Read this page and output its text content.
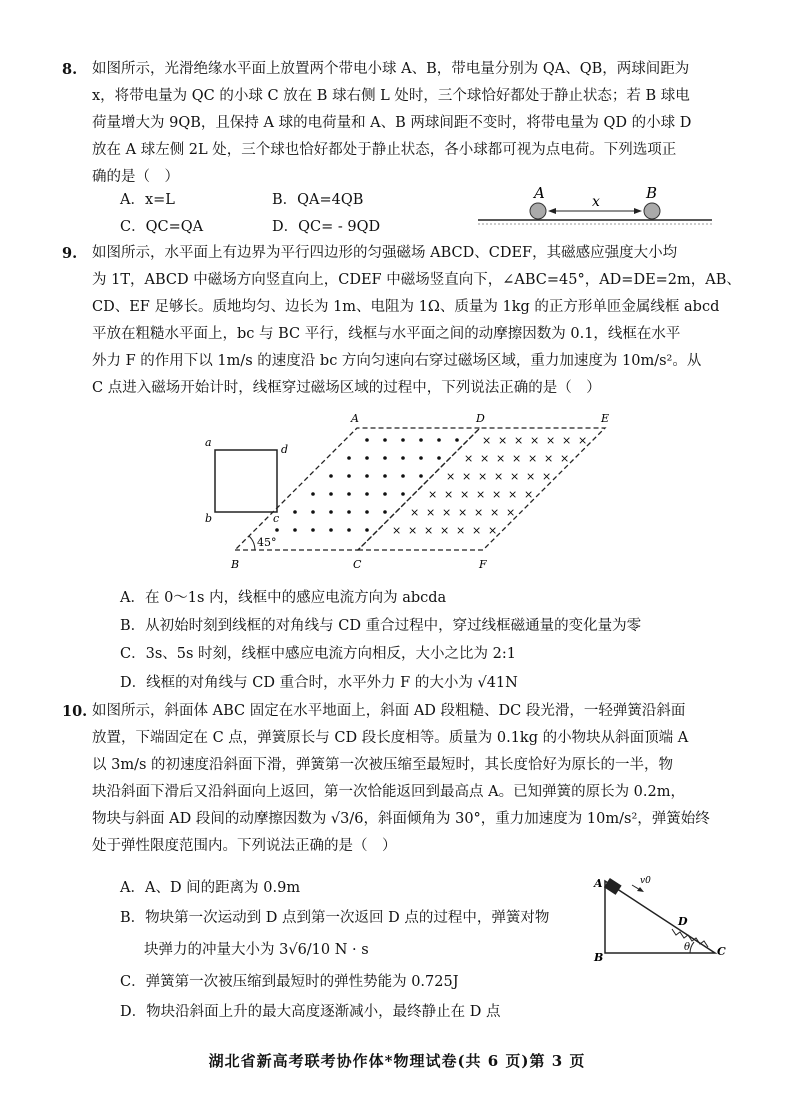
8. 如图所示，光滑绝缘水平面上放置两个带电小球 A、B，带电量分别为 QA、QB，两球间距为
x，将带电量为 QC 的小球 C 放在 B 球右侧 L 处时，三个球恰好都处于静止状态；若 B 球电
荷量增大为 9QB，且保持 A 球的电荷量和 A、B 两球间距不变时，将带电量为 QD 的小球 D
放在 A 球左侧 2L 处，三个球也恰好都处于静止状态，各小球都可视为点电荷。下列选项正
确的是（　）
A．x=L	B．QA=4QB
C．QC=QA	D．QC= - 9QD
A	B
x
9. 如图所示，水平面上有边界为平行四边形的匀强磁场 ABCD、CDEF，其磁感应强度大小均
为 1T，ABCD 中磁场方向竖直向上，CDEF 中磁场竖直向下，∠ABC=45°，AD=DE=2m，AB、
CD、EF 足够长。质地均匀、边长为 1m、电阻为 1Ω、质量为 1kg 的正方形单匝金属线框 abcd
平放在粗糙水平面上，bc 与 BC 平行，线框与水平面之间的动摩擦因数为 0.1，线框在水平
外力 F 的作用下以 1m/s 的速度沿 bc 方向匀速向右穿过磁场区域，重力加速度为 10m/s²。从
C 点进入磁场开始计时，线框穿过磁场区域的过程中，下列说法正确的是（　）
a
d
b	c
× × × × × × ×
× × × × × × ×
× × × × × × ×
× × × × × × ×
× × × × × × ×
× × × × × × ×
45°
A	D	E
B	C	F
A．在 0～1s 内，线框中的感应电流方向为 abcda
B．从初始时刻到线框的对角线与 CD 重合过程中，穿过线框磁通量的变化量为零
C．3s、5s 时刻，线框中感应电流方向相反，大小之比为 2:1
D．线框的对角线与 CD 重合时，水平外力 F 的大小为 √41N
10. 如图所示，斜面体 ABC 固定在水平地面上，斜面 AD 段粗糙、DC 段光滑，一轻弹簧沿斜面
放置，下端固定在 C 点，弹簧原长与 CD 段长度相等。质量为 0.1kg 的小物块从斜面顶端 A
以 3m/s 的初速度沿斜面下滑，弹簧第一次被压缩至最短时，其长度恰好为原长的一半，物
块沿斜面下滑后又沿斜面向上返回，第一次恰能返回到最高点 A。已知弹簧的原长为 0.2m，
物块与斜面 AD 段间的动摩擦因数为 √3/6，斜面倾角为 30°，重力加速度为 10m/s²，弹簧始终
处于弹性限度范围内。下列说法正确的是（　）
A．A、D 间的距离为 0.9m
B．物块第一次运动到 D 点到第一次返回 D 点的过程中，弹簧对物
块弹力的冲量大小为 3√6/10 N · s
C．弹簧第一次被压缩到最短时的弹性势能为 0.725J
D．物块沿斜面上升的最大高度逐渐减小，最终静止在 D 点
A	v0
D
θ
B	C
湖北省新高考联考协作体*物理试卷(共 6 页)第 3 页
